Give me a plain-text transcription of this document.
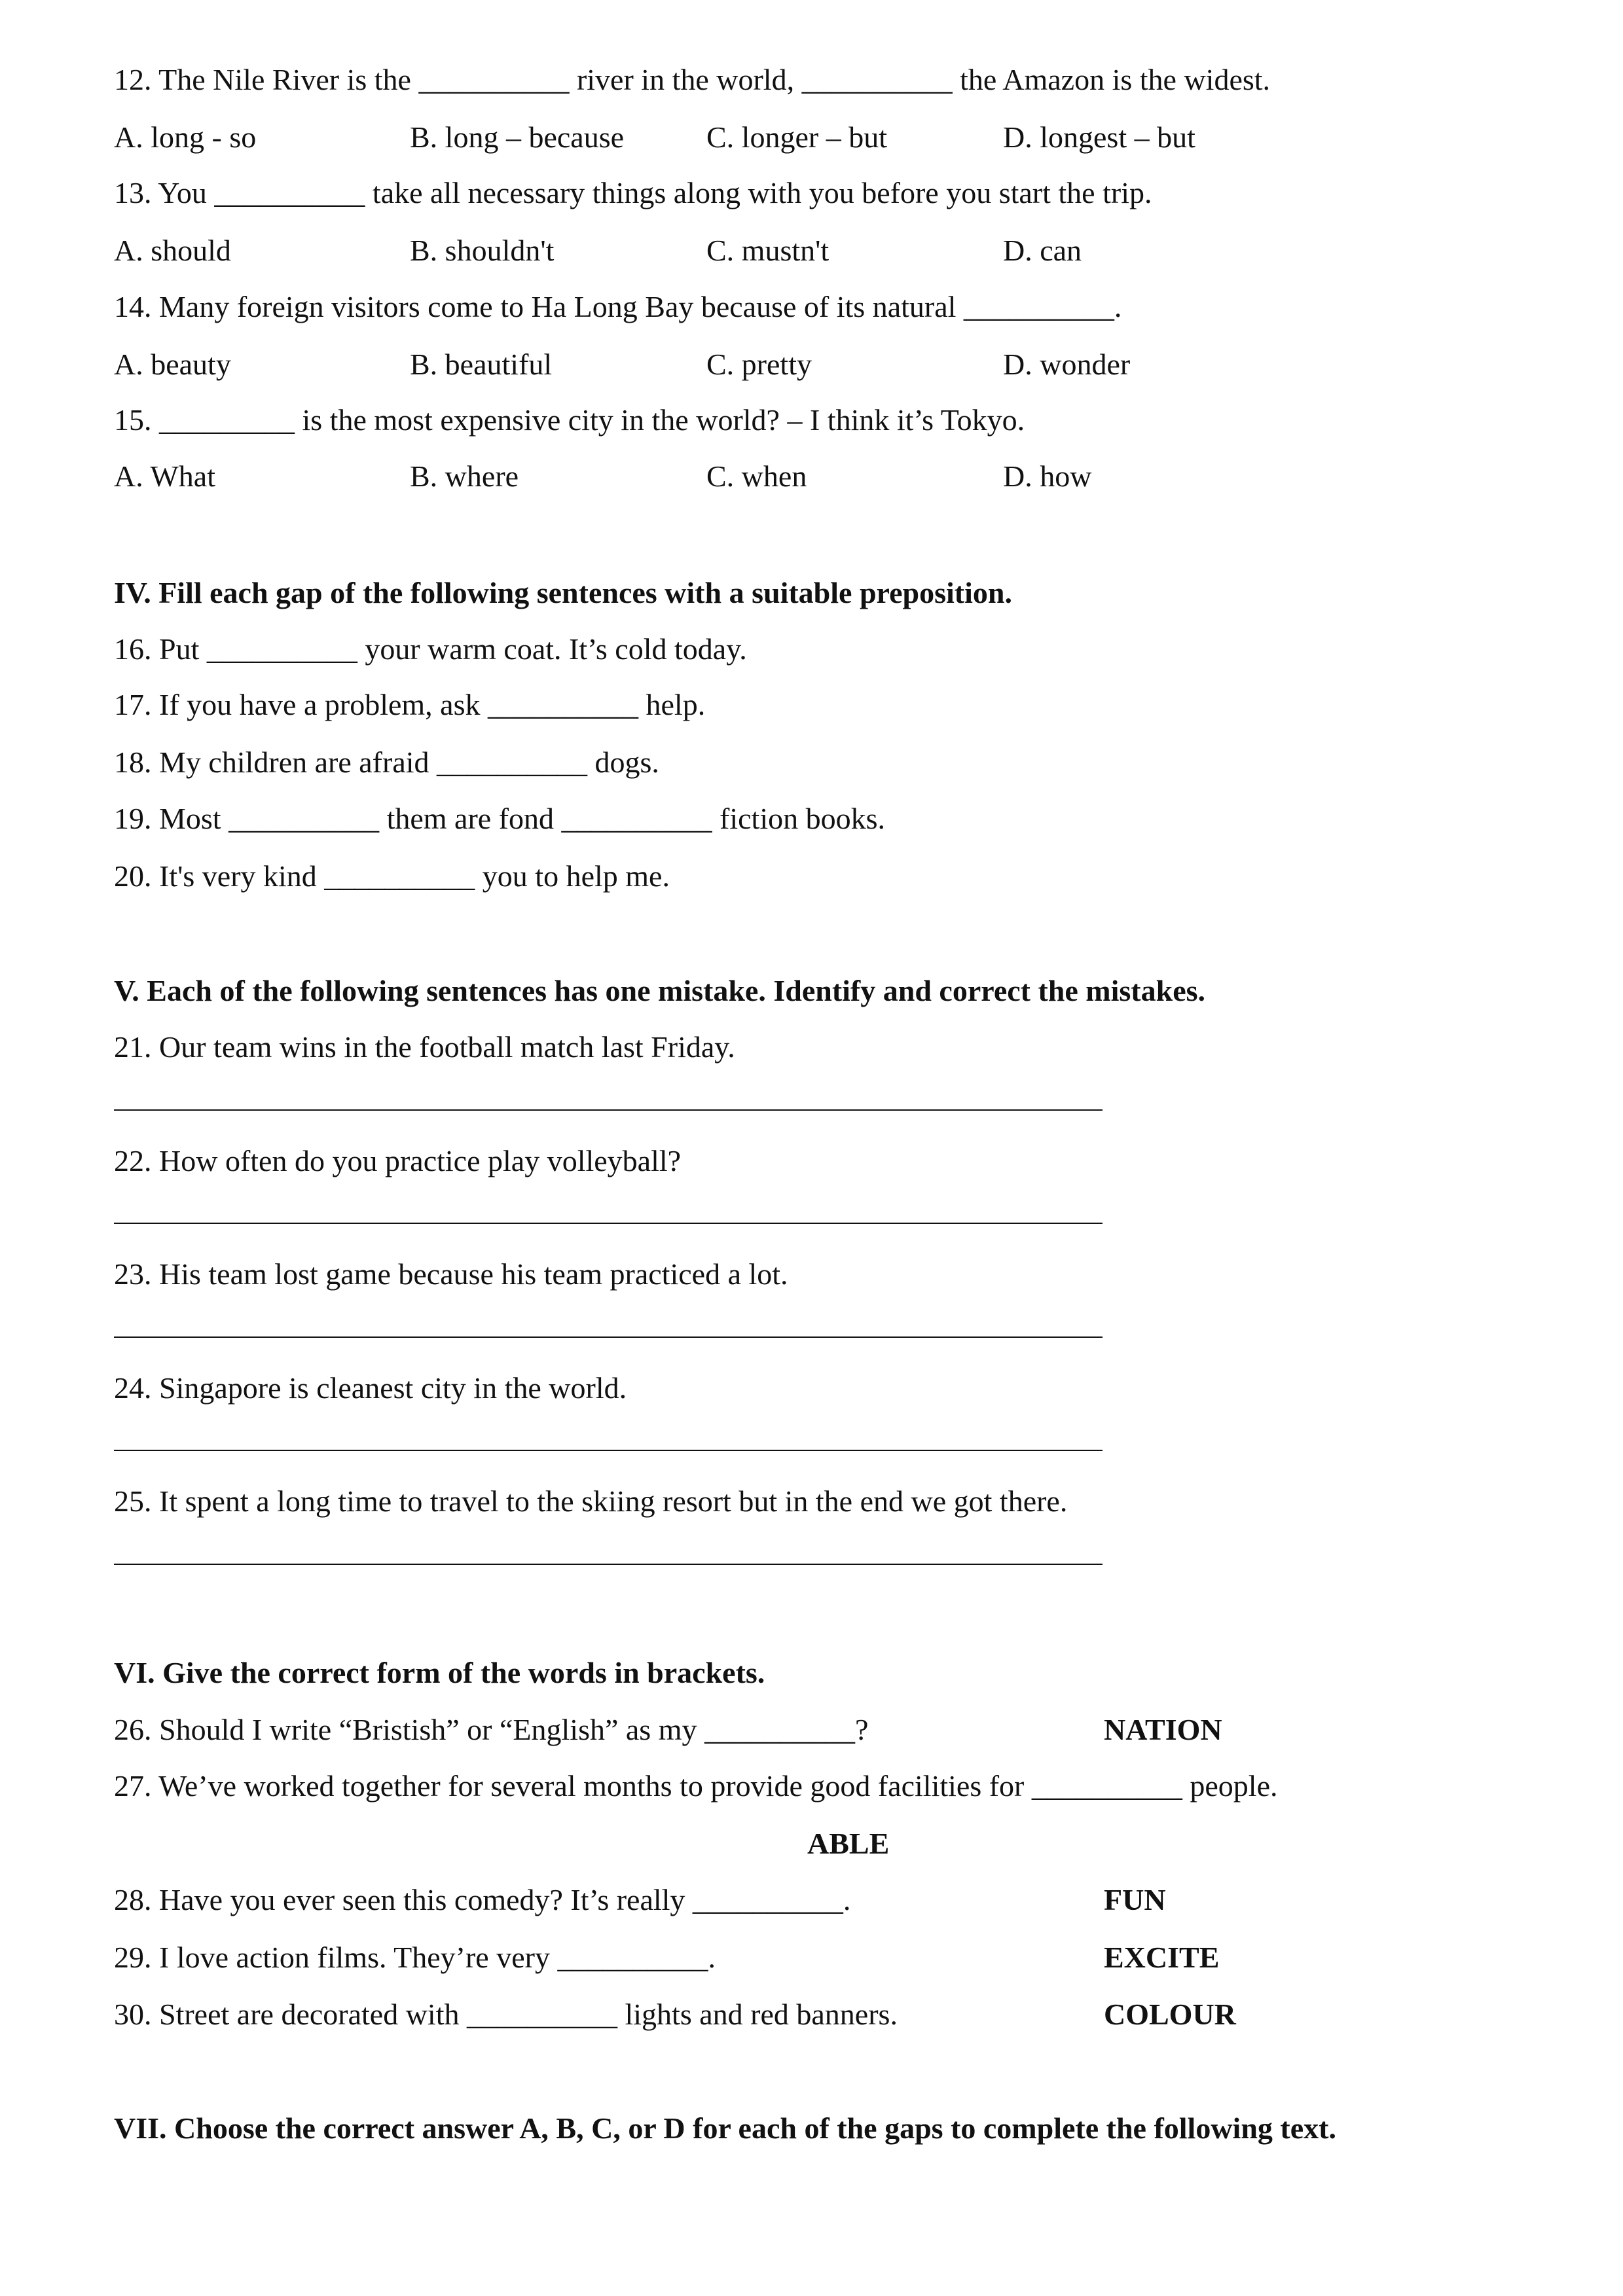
12. The Nile River is the __________ river in the world, __________ the Amazon is the widest.

A. long - so

	B. long – because

	C. longer – but

	D. longest – but

13. You __________ take all necessary things along with you before you start the trip.

A. should

	B. shouldn't

	C. mustn't

	D. can

14. Many foreign visitors come to Ha Long Bay because of its natural __________.

A. beauty

	B. beautiful

	C. pretty

	D. wonder

15. _________ is the most expensive city in the world? – I think it’s Tokyo.

A. What

	B. where

	C. when

	D. how

IV. Fill each gap of the following sentences with a suitable preposition.
16. Put __________ your warm coat. It’s cold today.
17. If you have a problem, ask __________ help.
18. My children are afraid __________ dogs.
19. Most __________ them are fond __________ fiction books.
20. It's very kind __________ you to help me.
V. Each of the following sentences has one mistake. Identify and correct the mistakes.
21. Our team wins in the football match last Friday.
22. How often do you practice play volleyball?
23. His team lost game because his team practiced a lot.
24. Singapore is cleanest city in the world.
25. It spent a long time to travel to the skiing resort but in the end we got there.
VI. Give the correct form of the words in brackets.
26. Should I write “Bristish” or “English” as my __________?	NATION
27. We’ve worked together for several months to provide good facilities for __________ people.
ABLE
28. Have you ever seen this comedy? It’s really __________.	FUN
29. I love action films. They’re very __________.	EXCITE
30. Street are decorated with __________ lights and red banners.	COLOUR
VII. Choose the correct answer A, B, C, or D for each of the gaps to complete the following text.
